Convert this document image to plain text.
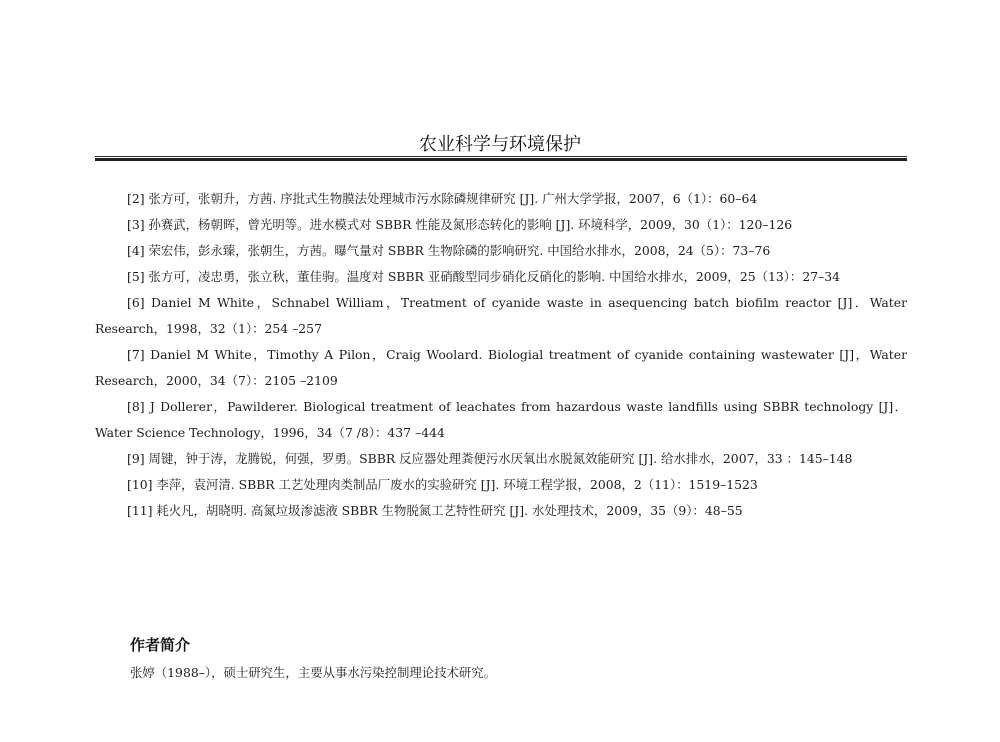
农业科学与环境保护

[2] 张方可，张朝升，方茜. 序批式生物膜法处理城市污水除磷规律研究 [J]. 广州大学学报，2007，6（1）：60–64

[3] 孙赛武，杨朝晖，曾光明等。进水模式对 SBBR 性能及氮形态转化的影响 [J]. 环境科学，2009，30（1）：120–126

[4] 荣宏伟，彭永臻，张朝生，方茜。曝气量对 SBBR 生物除磷的影响研究. 中国给水排水，2008，24（5）：73–76

[5] 张方可，凌忠勇，张立秋，董佳驹。温度对 SBBR 亚硝酸型同步硝化反硝化的影响. 中国给水排水，2009，25（13）：27–34

[6] Daniel M White，Schnabel William，Treatment of cyanide waste in asequencing batch biofilm reactor [J]．Water Research，1998，32（1）：254 –257

[7] Daniel M White，Timothy A Pilon，Craig Woolard. Biologial treatment of cyanide containing wastewater [J]，Water Research，2000，34（7）：2105 –2109

[8] J Dollerer，Pawilderer. Biological treatment of leachates from hazardous waste landfills using SBBR technology [J]．Water Science Technology，1996，34（7 /8）：437 –444

[9] 周键，钟于涛，龙腾锐，何强，罗勇。SBBR 反应器处理粪便污水厌氧出水脱氮效能研究 [J]. 给水排水，2007，33 ：145–148

[10] 李萍，袁河清. SBBR 工艺处理肉类制品厂废水的实验研究 [J]. 环境工程学报，2008，2（11）：1519–1523

[11] 耗火凡，胡晓明. 高氮垃圾渗滤液 SBBR 生物脱氮工艺特性研究 [J]. 水处理技术，2009，35（9）：48–55

作者简介
张婷（1988–），硕士研究生，主要从事水污染控制理论技术研究。
